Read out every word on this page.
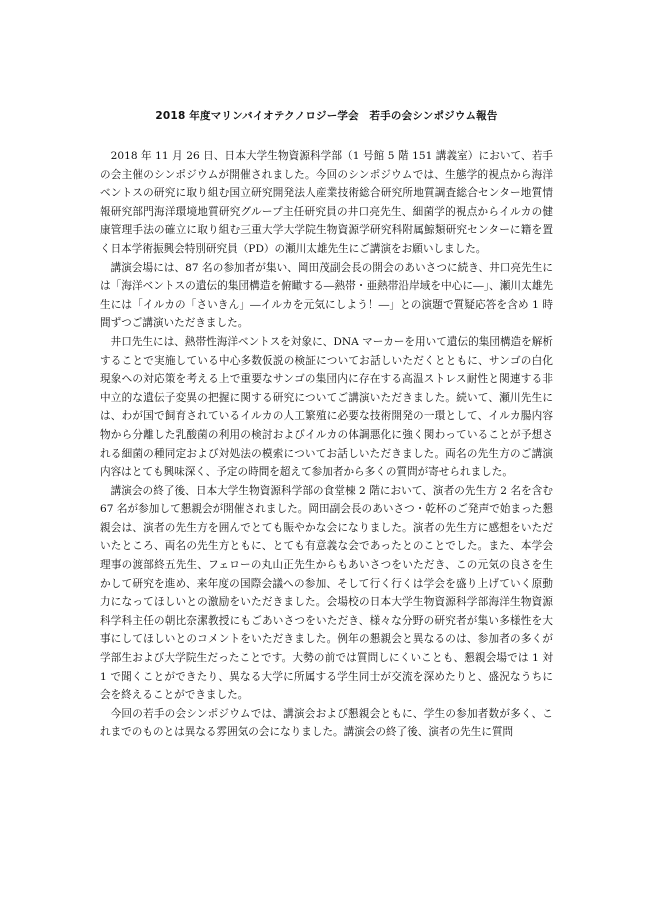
2018 年度マリンバイオテクノロジー学会　若手の会シンポジウム報告

2018 年 11 月 26 日、日本大学生物資源科学部（1 号館 5 階 151 講義室）において、若手の会主催のシンポジウムが開催されました。今回のシンポジウムでは、生態学的視点から海洋ベントスの研究に取り組む国立研究開発法人産業技術総合研究所地質調査総合センター地質情報研究部門海洋環境地質研究グループ主任研究員の井口亮先生、細菌学的視点からイルカの健康管理手法の確立に取り組む三重大学大学院生物資源学研究科附属鯨類研究センターに籍を置く日本学術振興会特別研究員（PD）の瀬川太雄先生にご講演をお願いしました。

講演会場には、87 名の参加者が集い、岡田茂副会長の開会のあいさつに続き、井口亮先生には「海洋ベントスの遺伝的集団構造を俯瞰する―熱帯・亜熱帯沿岸域を中心に―」、瀬川太雄先生には「イルカの「さいきん」―イルカを元気にしよう！―」との演題で質疑応答を含め 1 時間ずつご講演いただきました。

井口先生には、熱帯性海洋ベントスを対象に、DNA マーカーを用いて遺伝的集団構造を解析することで実施している中心多数仮説の検証についてお話しいただくとともに、サンゴの白化現象への対応策を考える上で重要なサンゴの集団内に存在する高温ストレス耐性と関連する非中立的な遺伝子変異の把握に関する研究についてご講演いただきました。続いて、瀬川先生には、わが国で飼育されているイルカの人工繁殖に必要な技術開発の一環として、イルカ腸内容物から分離した乳酸菌の利用の検討およびイルカの体調悪化に強く関わっていることが予想される細菌の種同定および対処法の模索についてお話しいただきました。両名の先生方のご講演内容はとても興味深く、予定の時間を超えて参加者から多くの質問が寄せられました。

講演会の終了後、日本大学生物資源科学部の食堂棟 2 階において、演者の先生方 2 名を含む 67 名が参加して懇親会が開催されました。岡田副会長のあいさつ・乾杯のご発声で始まった懇親会は、演者の先生方を囲んでとても賑やかな会になりました。演者の先生方に感想をいただいたところ、両名の先生方ともに、とても有意義な会であったとのことでした。また、本学会理事の渡部終五先生、フェローの丸山正先生からもあいさつをいただき、この元気の良さを生かして研究を進め、来年度の国際会議への参加、そして行く行くは学会を盛り上げていく原動力になってほしいとの激励をいただきました。会場校の日本大学生物資源科学部海洋生物資源科学科主任の朝比奈潔教授にもごあいさつをいただき、様々な分野の研究者が集い多様性を大事にしてほしいとのコメントをいただきました。例年の懇親会と異なるのは、参加者の多くが学部生および大学院生だったことです。大勢の前では質問しにくいことも、懇親会場では 1 対 1 で聞くことができたり、異なる大学に所属する学生同士が交流を深めたりと、盛況なうちに会を終えることができました。

今回の若手の会シンポジウムでは、講演会および懇親会ともに、学生の参加者数が多く、これまでのものとは異なる雰囲気の会になりました。講演会の終了後、演者の先生に質問
